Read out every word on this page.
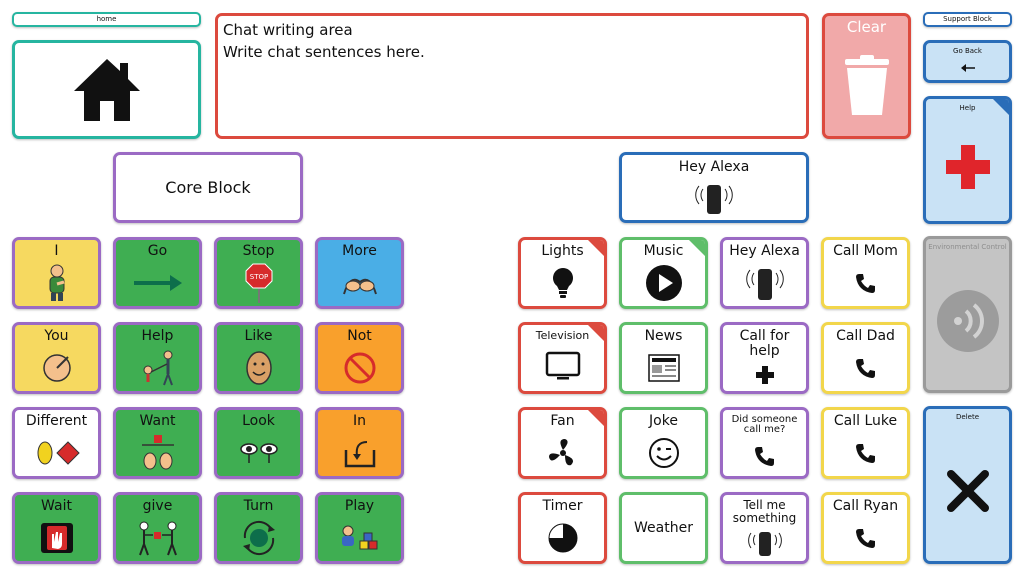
home
Chat writing area
Write chat sentences here.
Clear	Support Block
Go Back
Help
Environmental Control
Delete
Core Block
Hey Alexa
I	Go	Stop
STOP
More
You	Help	Like	Not
Different	Want	Look	In
Wait	give	Turn	Play
Lights	Music	Hey Alexa Call Mom
Television	News	Call for help
Call Dad
Fan	Joke	Did someone call me?
Call Luke
Timer
Weather
Tell me something
Call Ryan
